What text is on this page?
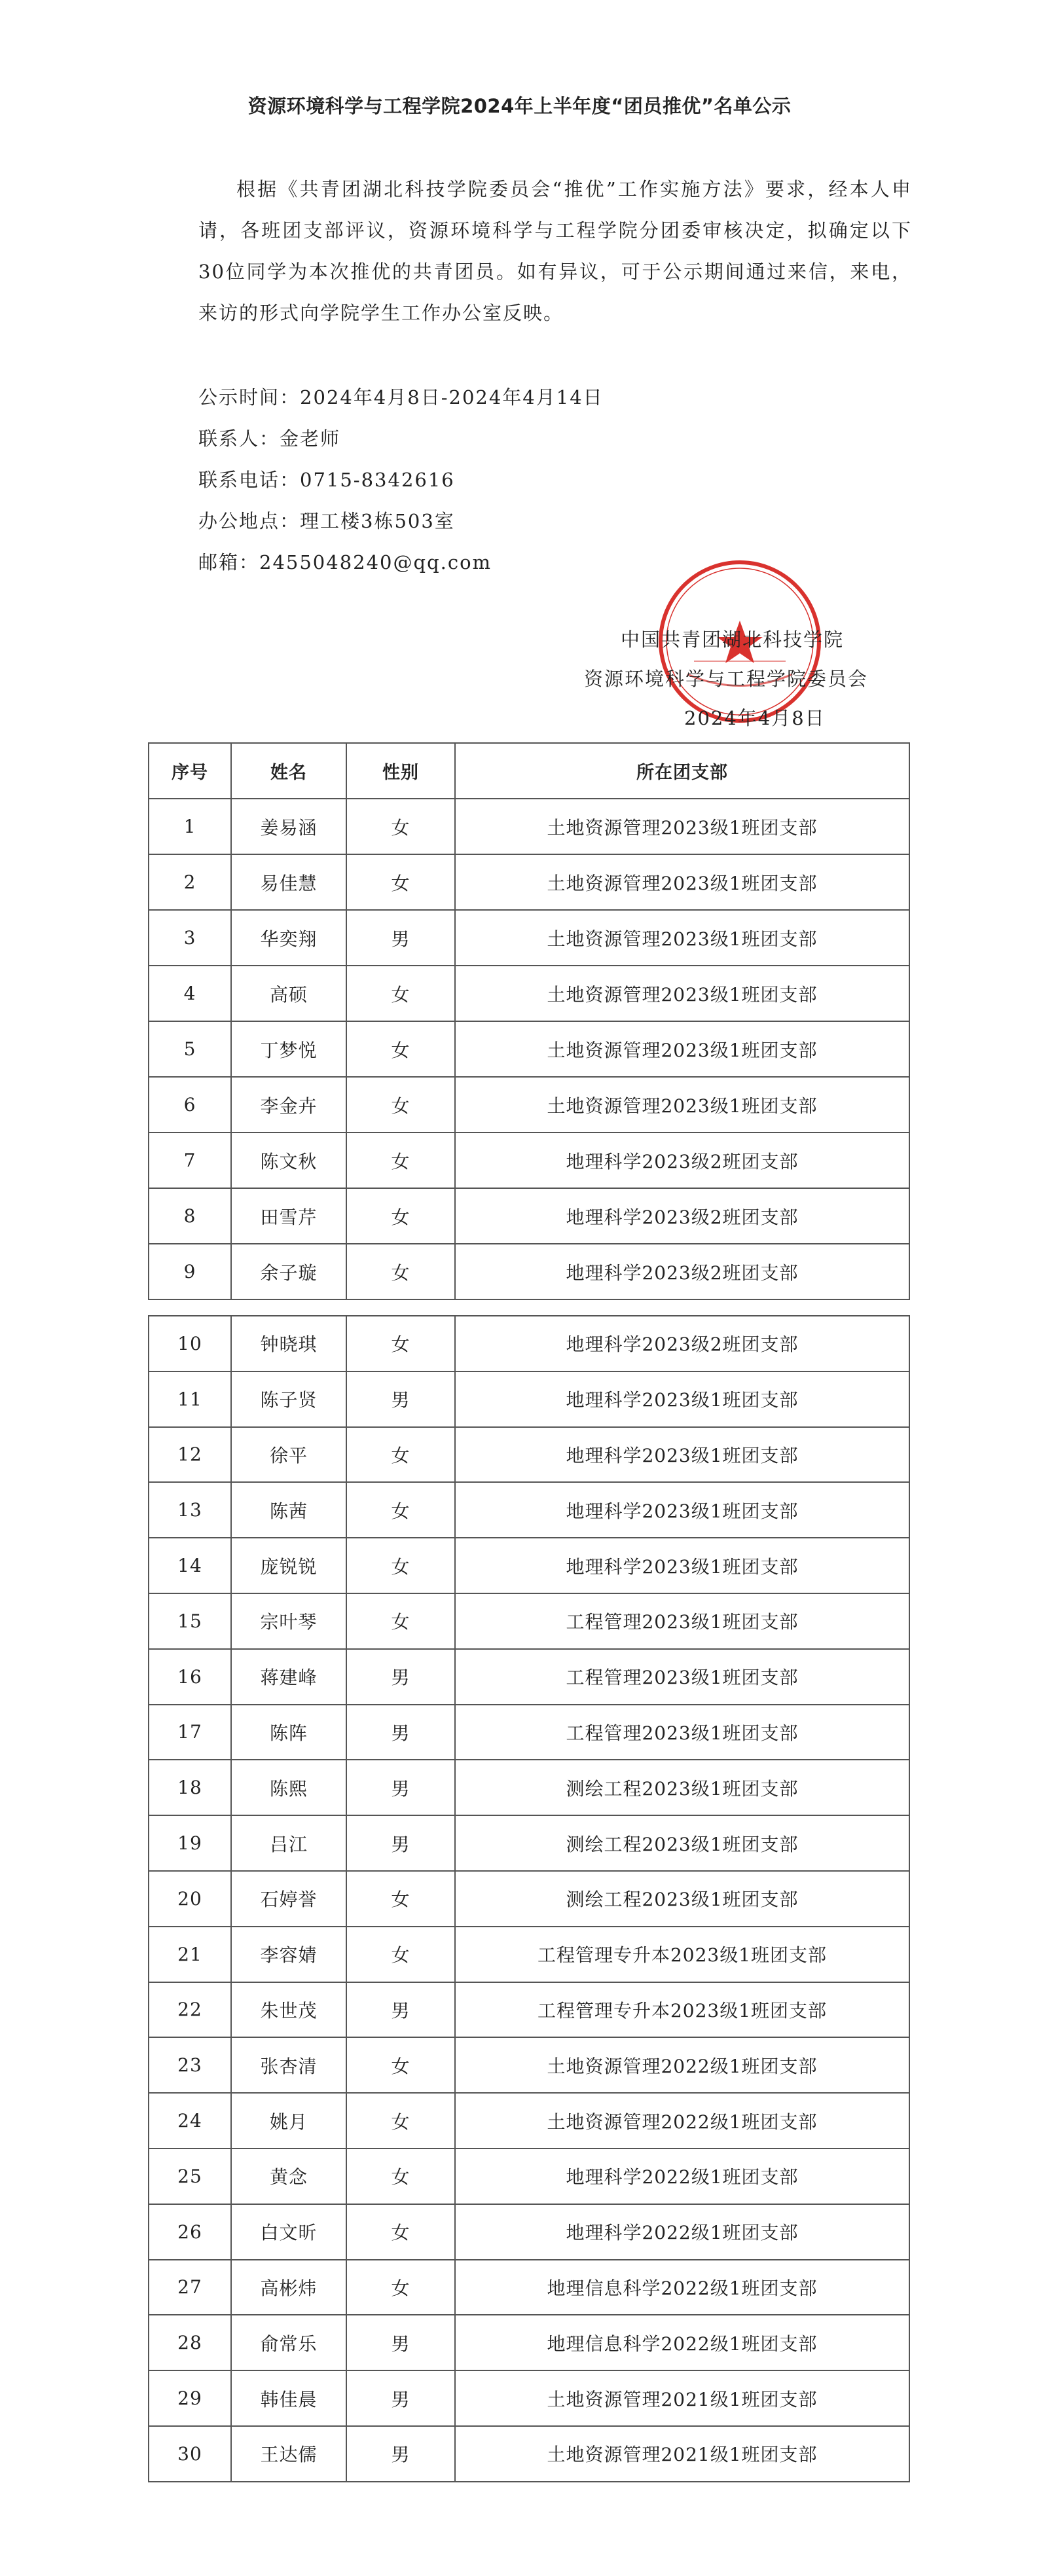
资源环境科学与工程学院2024年上半年度“团员推优”名单公示
根据《共青团湖北科技学院委员会“推优”工作实施方法》要求，经本人申请，各班团支部评议，资源环境科学与工程学院分团委审核决定，拟确定以下30位同学为本次推优的共青团员。如有异议，可于公示期间通过来信，来电，来访的形式向学院学生工作办公室反映。
公示时间：2024年4月8日-2024年4月14日
联系人：金老师
联系电话：0715-8342616
办公地点：理工楼3栋503室
邮箱：2455048240@qq.com
中国共青团湖北科技学院
资源环境科学与工程学院委员会
2024年4月8日
序号	姓名	性别	所在团支部
1	姜易涵	女	土地资源管理2023级1班团支部
2	易佳慧	女	土地资源管理2023级1班团支部
3	华奕翔	男	土地资源管理2023级1班团支部
4	高硕	女	土地资源管理2023级1班团支部
5	丁梦悦	女	土地资源管理2023级1班团支部
6	李金卉	女	土地资源管理2023级1班团支部
7	陈文秋	女	地理科学2023级2班团支部
8	田雪芹	女	地理科学2023级2班团支部
9	余子璇	女	地理科学2023级2班团支部
10	钟晓琪	女	地理科学2023级2班团支部
11	陈子贤	男	地理科学2023级1班团支部
12	徐平	女	地理科学2023级1班团支部
13	陈茜	女	地理科学2023级1班团支部
14	庞锐锐	女	地理科学2023级1班团支部
15	宗叶琴	女	工程管理2023级1班团支部
16	蒋建峰	男	工程管理2023级1班团支部
17	陈阵	男	工程管理2023级1班团支部
18	陈熙	男	测绘工程2023级1班团支部
19	吕江	男	测绘工程2023级1班团支部
20	石婷誉	女	测绘工程2023级1班团支部
21	李容婧	女	工程管理专升本2023级1班团支部
22	朱世茂	男	工程管理专升本2023级1班团支部
23	张杏清	女	土地资源管理2022级1班团支部
24	姚月	女	土地资源管理2022级1班团支部
25	黄念	女	地理科学2022级1班团支部
26	白文昕	女	地理科学2022级1班团支部
27	高彬炜	女	地理信息科学2022级1班团支部
28	俞常乐	男	地理信息科学2022级1班团支部
29	韩佳晨	男	土地资源管理2021级1班团支部
30	王达儒	男	土地资源管理2021级1班团支部
